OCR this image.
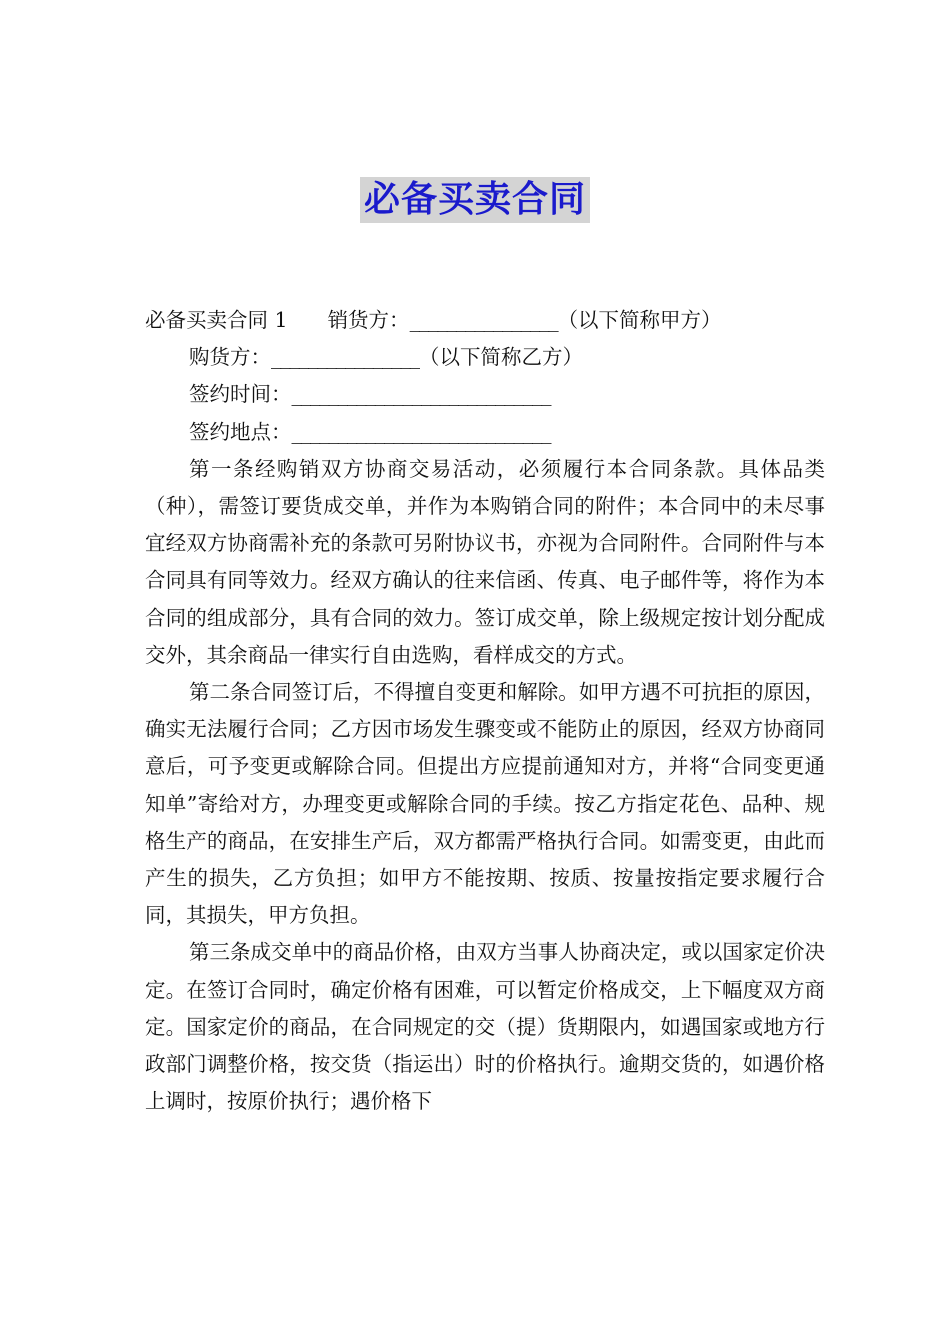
必备买卖合同
必备买卖合同 1 销货方：________________（以下简称甲方）
购货方：________________（以下简称乙方）
签约时间：____________________________
签约地点：____________________________

第一条经购销双方协商交易活动，必须履行本合同条款。具体品类（种），需签订要货成交单，并作为本购销合同的附件；本合同中的未尽事宜经双方协商需补充的条款可另附协议书，亦视为合同附件。合同附件与本合同具有同等效力。经双方确认的往来信函、传真、电子邮件等，将作为本合同的组成部分，具有合同的效力。签订成交单，除上级规定按计划分配成交外，其余商品一律实行自由选购，看样成交的方式。

第二条合同签订后，不得擅自变更和解除。如甲方遇不可抗拒的原因，确实无法履行合同；乙方因市场发生骤变或不能防止的原因，经双方协商同意后，可予变更或解除合同。但提出方应提前通知对方，并将“合同变更通知单”寄给对方，办理变更或解除合同的手续。按乙方指定花色、品种、规格生产的商品，在安排生产后，双方都需严格执行合同。如需变更，由此而产生的损失，乙方负担；如甲方不能按期、按质、按量按指定要求履行合同，其损失，甲方负担。

第三条成交单中的商品价格，由双方当事人协商决定，或以国家定价决定。在签订合同时，确定价格有困难，可以暂定价格成交，上下幅度双方商定。国家定价的商品，在合同规定的交（提）货期限内，如遇国家或地方行政部门调整价格，按交货（指运出）时的价格执行。逾期交货的，如遇价格上调时，按原价执行；遇价格下
